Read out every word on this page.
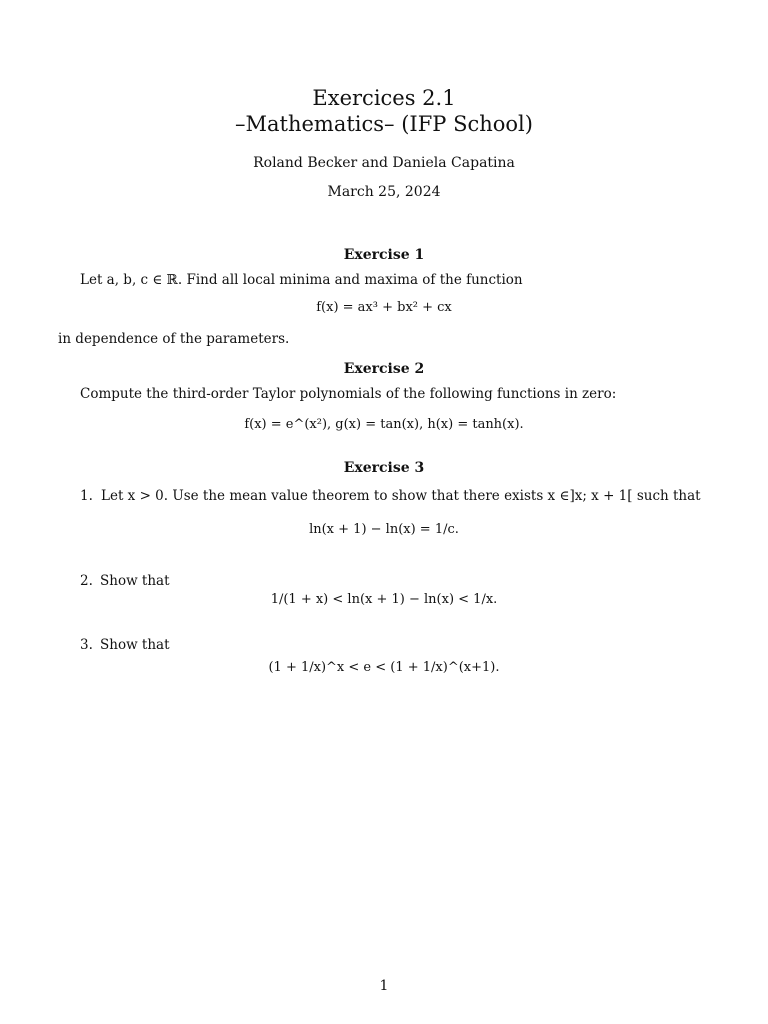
Exercices 2.1
–Mathematics– (IFP School)
Roland Becker and Daniela Capatina
March 25, 2024
Exercise 1
Let a, b, c ∈ ℝ. Find all local minima and maxima of the function
f(x) = ax³ + bx² + cx
in dependence of the parameters.
Exercise 2
Compute the third-order Taylor polynomials of the following functions in zero:
f(x) = e^(x²), g(x) = tan(x), h(x) = tanh(x).
Exercise 3
1. Let x > 0. Use the mean value theorem to show that there exists x ∈]x; x + 1[ such that
ln(x + 1) − ln(x) = 1/c.
2. Show that
1/(1 + x) < ln(x + 1) − ln(x) < 1/x.
3. Show that
(1 + 1/x)^x < e < (1 + 1/x)^(x+1).
1
